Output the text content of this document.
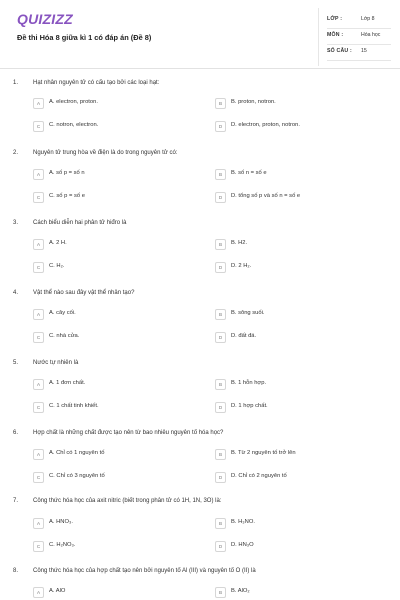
QUIZIZZ
Đề thi Hóa 8 giữa kì 1 có đáp án (Đề 8)
LỚP :	Lớp 8
MÔN :	Hóa học
SỐ CÂU : 15
1. Hạt nhân nguyên tử có cấu tạo bởi các loại hạt:
A	A. electron, proton.	B	B. proton, notron.
C	C. notron, electron.	D	D. electron, proton, notron.
2. Nguyên tử trung hòa về điện là do trong nguyên tử có:
A	A. số p = số n	B	B. số n = số e
C	C. số p = số e	D	D. tổng số p và số n = số e
3. Cách biểu diễn hai phân tử hiđro là
A	A. 2 H.	B	B. H2.
C	C. H₂.	D	D. 2 H₂.
4. Vật thể nào sau đây vật thể nhân tạo?
A	A. cây cối.	B	B. sông suối.
C	C. nhà cửa.	D	D. đất đá.
5. Nước tự nhiên là
A	A. 1 đơn chất.	B	B. 1 hỗn hợp.
C	C. 1 chất tinh khiết.	D	D. 1 hợp chất.
6. Hợp chất là những chất được tạo nên từ bao nhiêu nguyên tố hóa học?
A	A. Chỉ có 1 nguyên tố	B	B. Từ 2 nguyên tố trở lên
C	C. Chỉ có 3 nguyên tố	D	D. Chỉ có 2 nguyên tố
7. Công thức hóa học của axit nitric (biết trong phân tử có 1H, 1N, 3O) là:
A	A. HNO₃.	B	B. H₃NO.
C	C. H₂NO₃.	D	D. HN₃O
8. Công thức hóa học của hợp chất tạo nên bởi nguyên tố Al (III) và nguyên tố O (II) là
A	A. AlO	B	B. AlO₂
